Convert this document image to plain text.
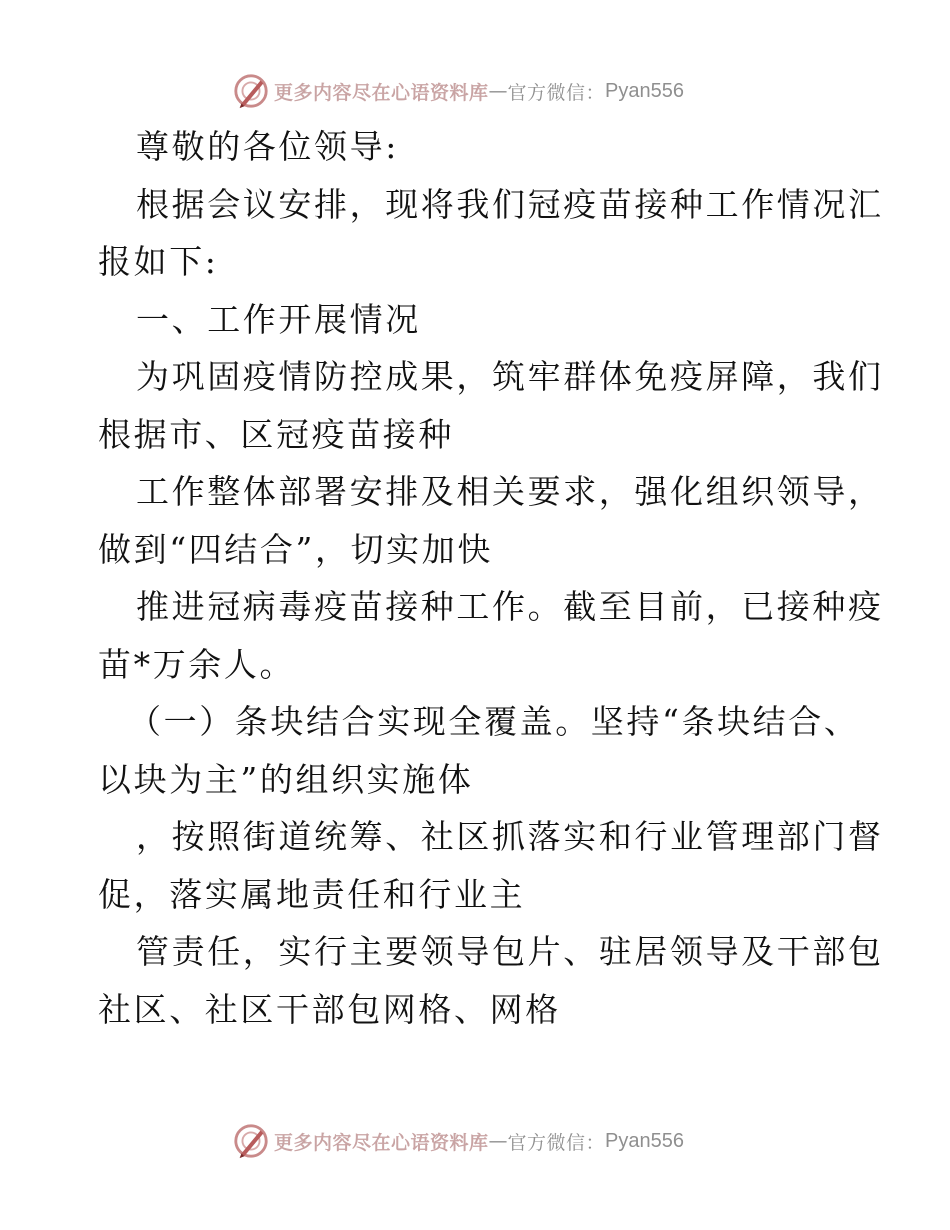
更多内容尽在心语资料库 — 官方微信： Pyan556

尊敬的各位领导:

根据会议安排，现将我们冠疫苗接种工作情况汇

报如下:

一、工作开展情况

为巩固疫情防控成果，筑牢群体免疫屏障，我们

根据市、区冠疫苗接种

工作整体部署安排及相关要求，强化组织领导，

做到“四结合”，切实加快

推进冠病毒疫苗接种工作。截至目前，已接种疫

苗*万余人。

（一）条块结合实现全覆盖。坚持“条块结合、

以块为主”的组织实施体

，按照街道统筹、社区抓落实和行业管理部门督

促，落实属地责任和行业主

管责任，实行主要领导包片、驻居领导及干部包

社区、社区干部包网格、网格

更多内容尽在心语资料库 — 官方微信： Pyan556
